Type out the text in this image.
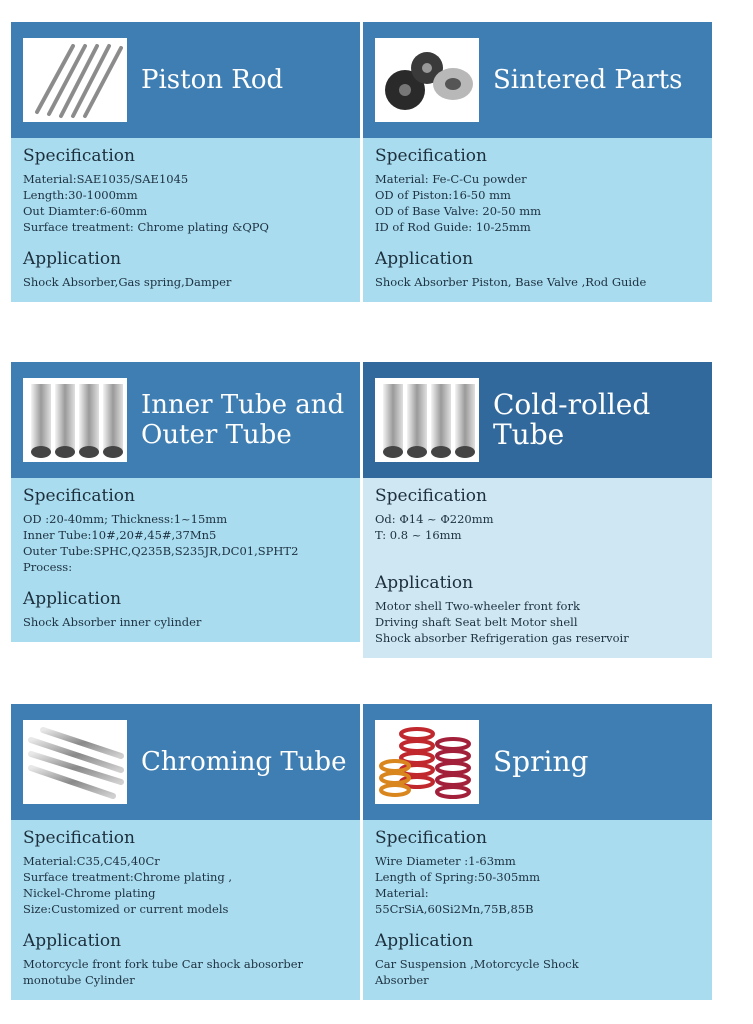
Piston Rod
Specification
Material:SAE1035/SAE1045
Length:30-1000mm
Out Diamter:6-60mm
Surface treatment: Chrome plating &QPQ
Application
Shock Absorber,Gas spring,Damper
Sintered Parts
Specification
Material: Fe-C-Cu powder
OD of Piston:16-50 mm
OD of Base Valve: 20-50 mm
ID of Rod Guide: 10-25mm
Application
Shock Absorber Piston, Base Valve ,Rod Guide
Inner Tube and
Outer Tube
Specification
OD :20-40mm; Thickness:1~15mm
Inner Tube:10#,20#,45#,37Mn5
Outer Tube:SPHC,Q235B,S235JR,DC01,SPHT2
Process:
Application
Shock Absorber inner cylinder
Cold-rolled
Tube
Specification
Od: Φ14 ~ Φ220mm
T: 0.8 ~ 16mm
Application
Motor shell Two-wheeler front fork
Driving shaft Seat belt Motor shell
Shock absorber Refrigeration gas reservoir
Chroming Tube
Specification
Material:C35,C45,40Cr
Surface treatment:Chrome plating ,
Nickel-Chrome plating
Size:Customized or current models
Application
Motorcycle front fork tube Car shock abosorber
monotube Cylinder
Spring
Specification
Wire Diameter :1-63mm
Length of Spring:50-305mm
Material:
55CrSiA,60Si2Mn,75B,85B
Application
Car Suspension ,Motorcycle Shock
Absorber
